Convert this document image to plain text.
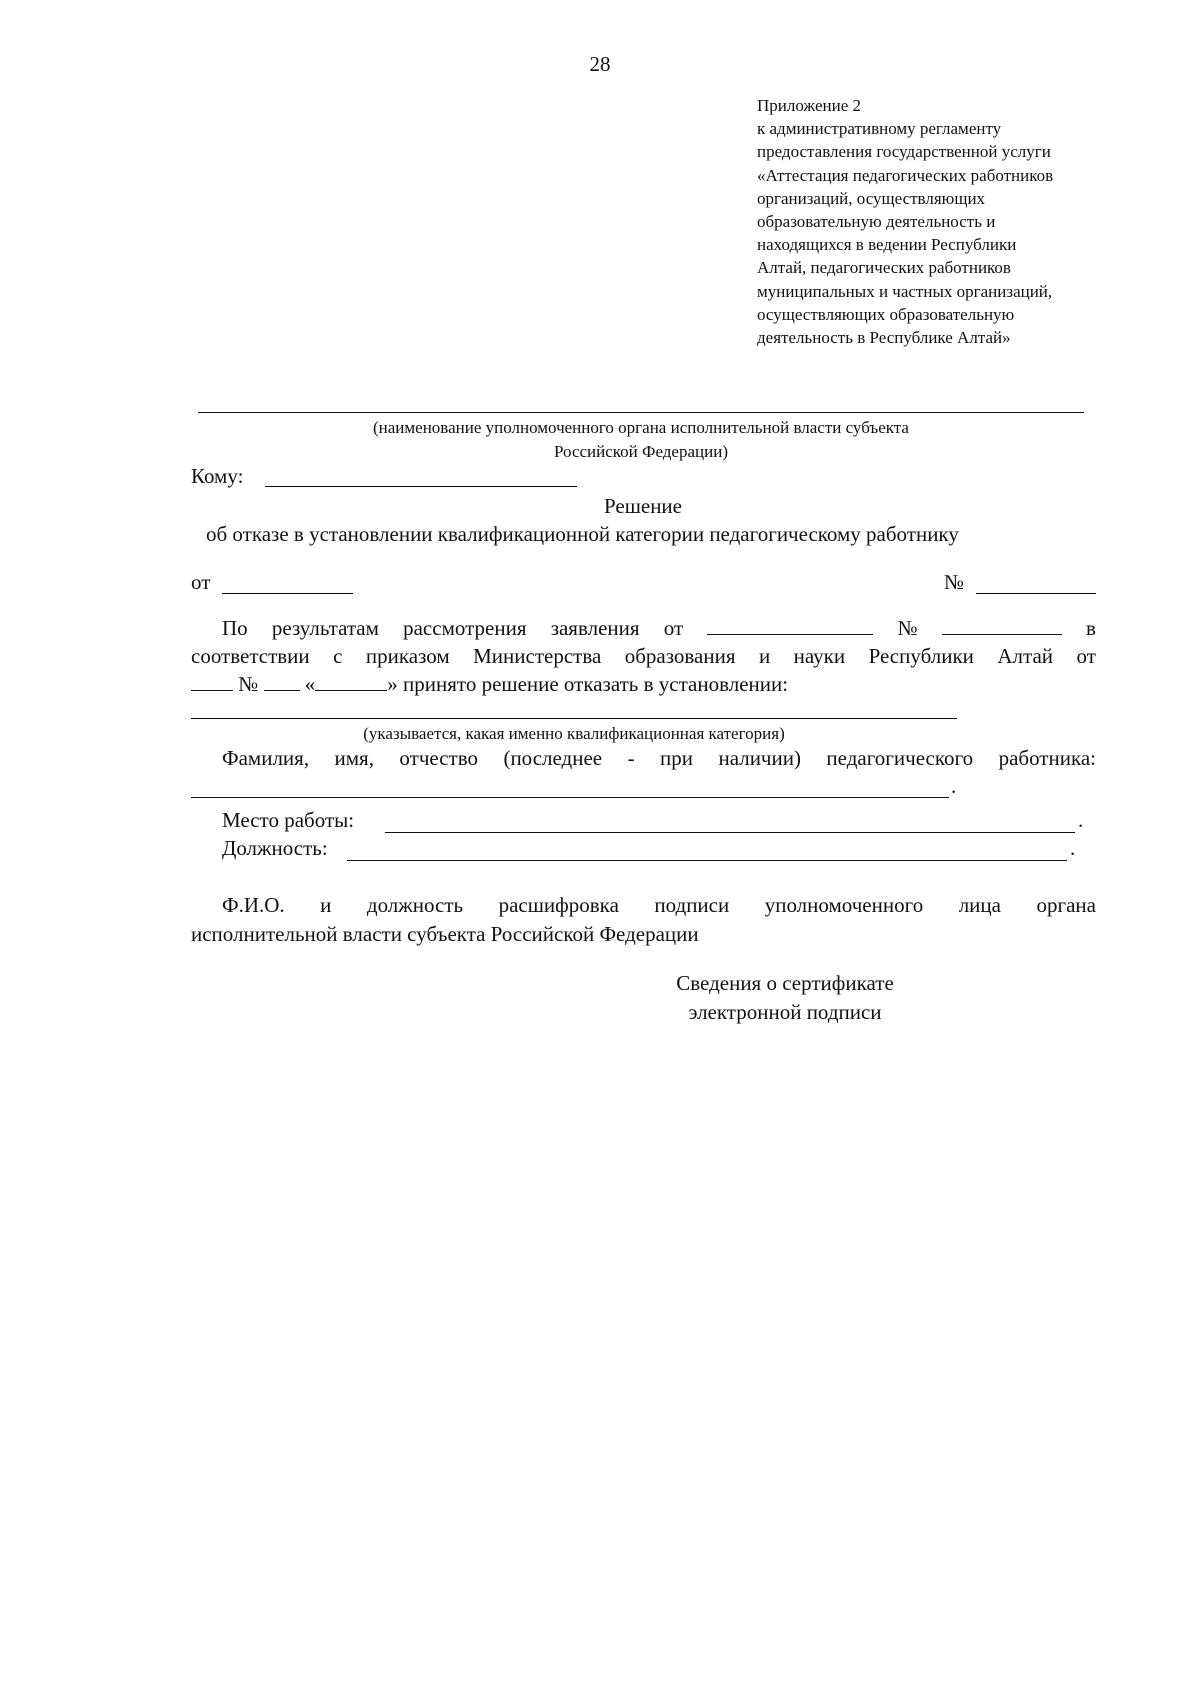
28
Приложение 2
к административному регламенту
предоставления государственной услуги
«Аттестация педагогических работников
организаций, осуществляющих
образовательную деятельность и
находящихся в ведении Республики
Алтай, педагогических работников
муниципальных и частных организаций,
осуществляющих образовательную
деятельность в Республике Алтай»
(наименование уполномоченного органа исполнительной власти субъекта
Российской Федерации)
Кому:
Решение
об отказе в установлении квалификационной категории педагогическому работнику
от	№
По результатам рассмотрения заявления от	№	в
соответствии с приказом Министерства образования и науки Республики Алтай от
№ «	» принято решение отказать в установлении:
(указывается, какая именно квалификационная категория)
Фамилия, имя, отчество (последнее - при наличии) педагогического работника:
.
Место работы:	.
Должность:	.
Ф.И.О. и должность расшифровка подписи уполномоченного лица органа
исполнительной власти субъекта Российской Федерации
Сведения о сертификате
электронной подписи
